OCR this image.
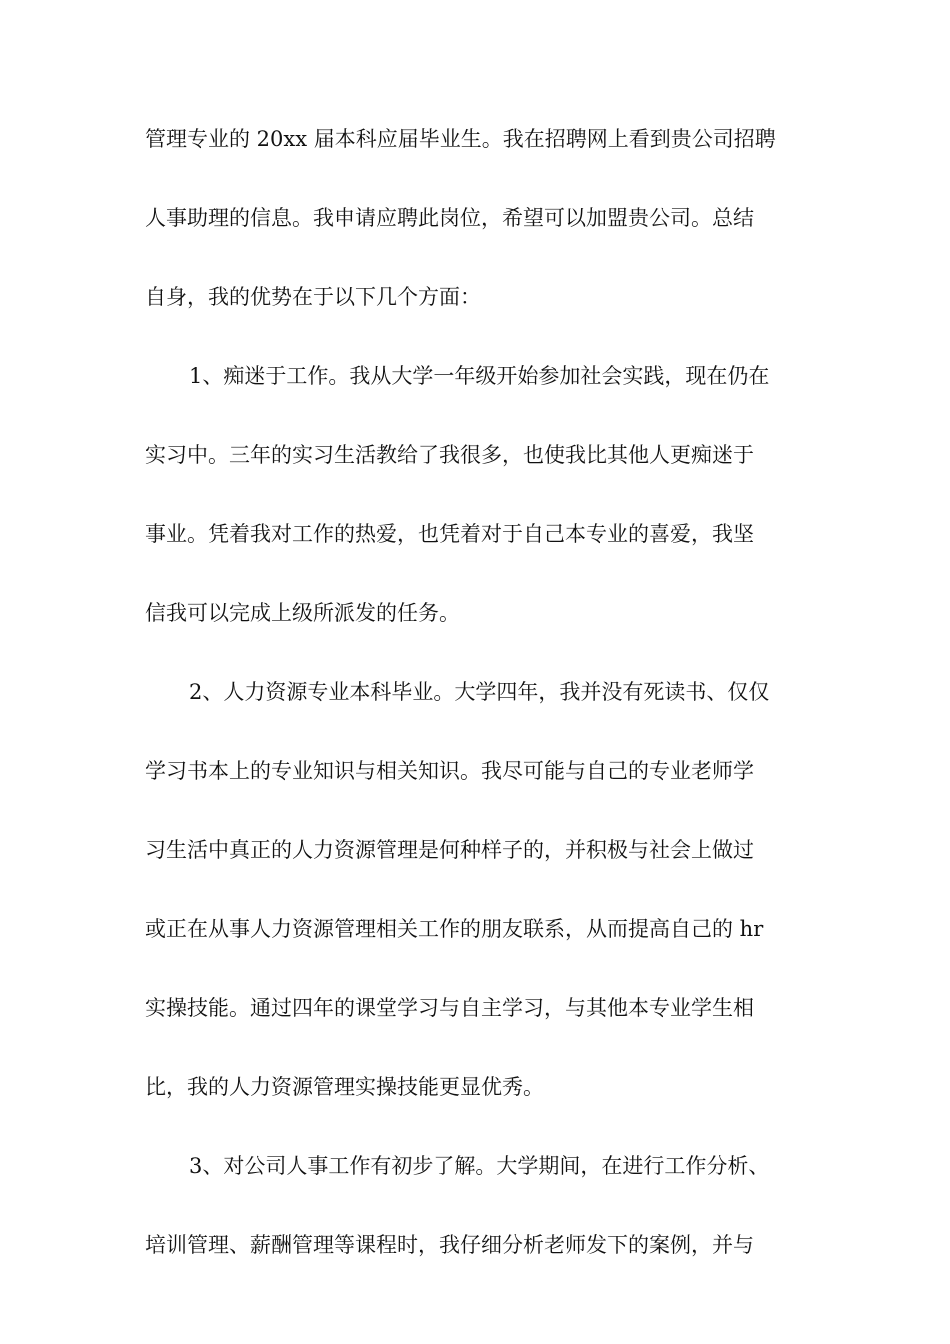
管理专业的 20xx 届本科应届毕业生。我在招聘网上看到贵公司招聘
人事助理的信息。我申请应聘此岗位，希望可以加盟贵公司。总结
自身，我的优势在于以下几个方面：
1、痴迷于工作。我从大学一年级开始参加社会实践，现在仍在
实习中。三年的实习生活教给了我很多，也使我比其他人更痴迷于
事业。凭着我对工作的热爱，也凭着对于自己本专业的喜爱，我坚
信我可以完成上级所派发的任务。
2、人力资源专业本科毕业。大学四年，我并没有死读书、仅仅
学习书本上的专业知识与相关知识。我尽可能与自己的专业老师学
习生活中真正的人力资源管理是何种样子的，并积极与社会上做过
或正在从事人力资源管理相关工作的朋友联系，从而提高自己的 hr
实操技能。通过四年的课堂学习与自主学习，与其他本专业学生相
比，我的人力资源管理实操技能更显优秀。
3、对公司人事工作有初步了解。大学期间，在进行工作分析、
培训管理、薪酬管理等课程时，我仔细分析老师发下的案例，并与
